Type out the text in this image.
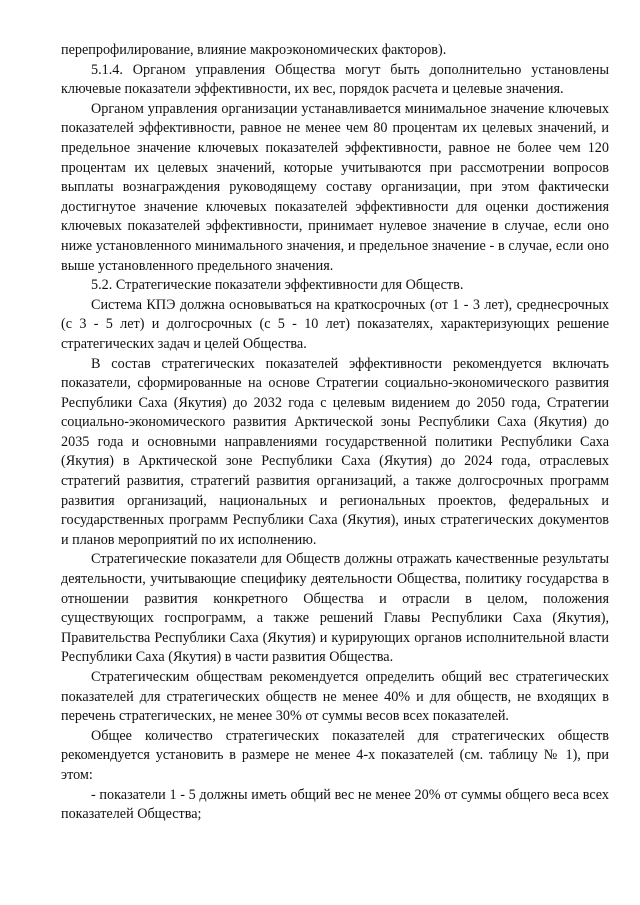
перепрофилирование, влияние макроэкономических факторов).

5.1.4. Органом управления Общества могут быть дополнительно установлены ключевые показатели эффективности, их вес, порядок расчета и целевые значения.

Органом управления организации устанавливается минимальное значение ключевых показателей эффективности, равное не менее чем 80 процентам их целевых значений, и предельное значение ключевых показателей эффективности, равное не более чем 120 процентам их целевых значений, которые учитываются при рассмотрении вопросов выплаты вознаграждения руководящему составу организации, при этом фактически достигнутое значение ключевых показателей эффективности для оценки достижения ключевых показателей эффективности, принимает нулевое значение в случае, если оно ниже установленного минимального значения, и предельное значение - в случае, если оно выше установленного предельного значения.

5.2. Стратегические показатели эффективности для Обществ.

Система КПЭ должна основываться на краткосрочных (от 1 - 3 лет), среднесрочных (с 3 - 5 лет) и долгосрочных (с 5 - 10 лет) показателях, характеризующих решение стратегических задач и целей Общества.

В состав стратегических показателей эффективности рекомендуется включать показатели, сформированные на основе Стратегии социально-экономического развития Республики Саха (Якутия) до 2032 года с целевым видением до 2050 года, Стратегии социально-экономического развития Арктической зоны Республики Саха (Якутия) до 2035 года и основными направлениями государственной политики Республики Саха (Якутия) в Арктической зоне Республики Саха (Якутия) до 2024 года, отраслевых стратегий развития, стратегий развития организаций, а также долгосрочных программ развития организаций, национальных и региональных проектов, федеральных и государственных программ Республики Саха (Якутия), иных стратегических документов и планов мероприятий по их исполнению.

Стратегические показатели для Обществ должны отражать качественные результаты деятельности, учитывающие специфику деятельности Общества, политику государства в отношении развития конкретного Общества и отрасли в целом, положения существующих госпрограмм, а также решений Главы Республики Саха (Якутия), Правительства Республики Саха (Якутия) и курирующих органов исполнительной власти Республики Саха (Якутия) в части развития Общества.

Стратегическим обществам рекомендуется определить общий вес стратегических показателей для стратегических обществ не менее 40% и для обществ, не входящих в перечень стратегических, не менее 30% от суммы весов всех показателей.

Общее количество стратегических показателей для стратегических обществ рекомендуется установить в размере не менее 4-х показателей (см. таблицу № 1), при этом:

- показатели 1 - 5 должны иметь общий вес не менее 20% от суммы общего веса всех показателей Общества;
